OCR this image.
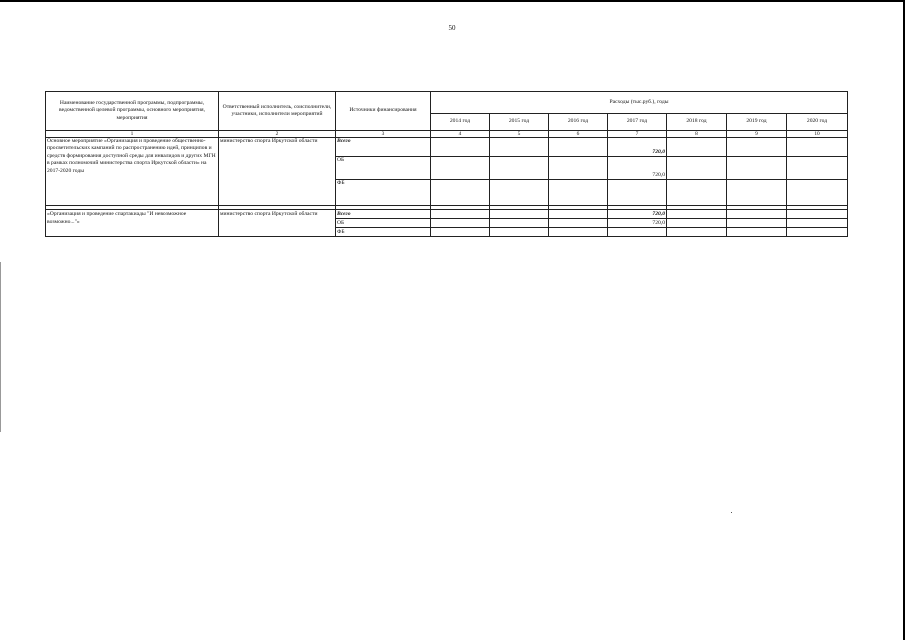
50
Наименование государственной программы, подпрограммы, ведомственной целевой программы, основного мероприятия, мероприятия	Ответственный исполнитель, соисполнители, участники, исполнители мероприятий	Источники финансирования	Расходы (тыс.руб.), годы						
			2014 год	2015 год	2016 год	2017 год	2018 год	2019 год	2020 год
1	2	3	4	5	6	7	8	9	10
Основное мероприятие «Организация и проведение общественно-просветительских кампаний по распространению идей, принципов и средств формирования доступной среды для инвалидов и других МГН в рамках полномочий министерства спорта Иркутской области» на 2017-2020 годы	министерство спорта Иркутской области	Всего				720,0			
		ОБ				720,0			
		ФБ							

«Организация и проведение спартакиады "И невозможное возможно..."»	министерство спорта Иркутской области	Всего				720,0			
		ОБ				720,0			
		ФБ							
